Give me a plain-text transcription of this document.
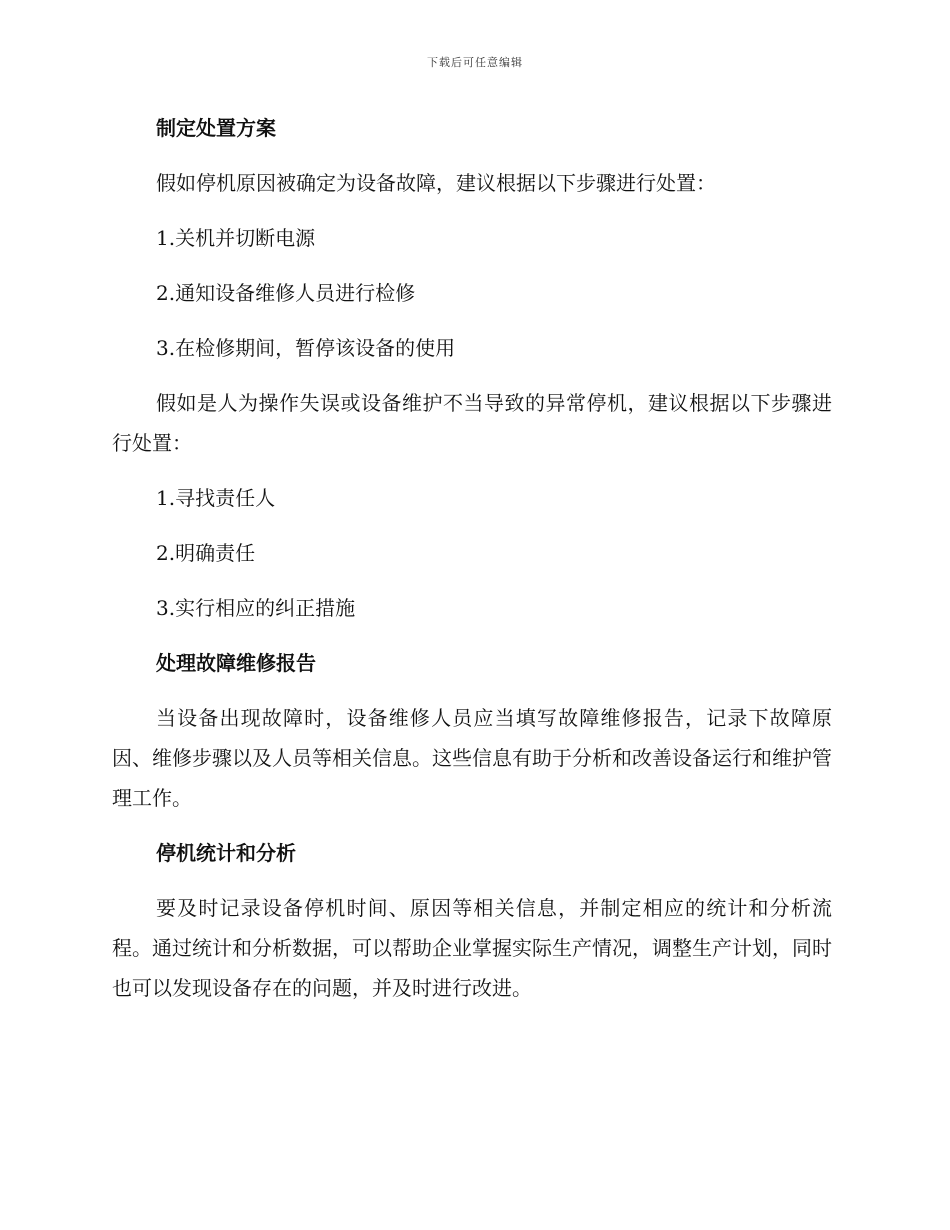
下载后可任意编辑
制定处置方案

假如停机原因被确定为设备故障，建议根据以下步骤进行处置：

1.关机并切断电源
2.通知设备维修人员进行检修
3.在检修期间，暂停该设备的使用

假如是人为操作失误或设备维护不当导致的异常停机，建议根据以下步骤进行处置：

1.寻找责任人
2.明确责任
3.实行相应的纠正措施
处理故障维修报告

当设备出现故障时，设备维修人员应当填写故障维修报告，记录下故障原因、维修步骤以及人员等相关信息。这些信息有助于分析和改善设备运行和维护管理工作。

停机统计和分析

要及时记录设备停机时间、原因等相关信息，并制定相应的统计和分析流程。通过统计和分析数据，可以帮助企业掌握实际生产情况，调整生产计划，同时也可以发现设备存在的问题，并及时进行改进。
